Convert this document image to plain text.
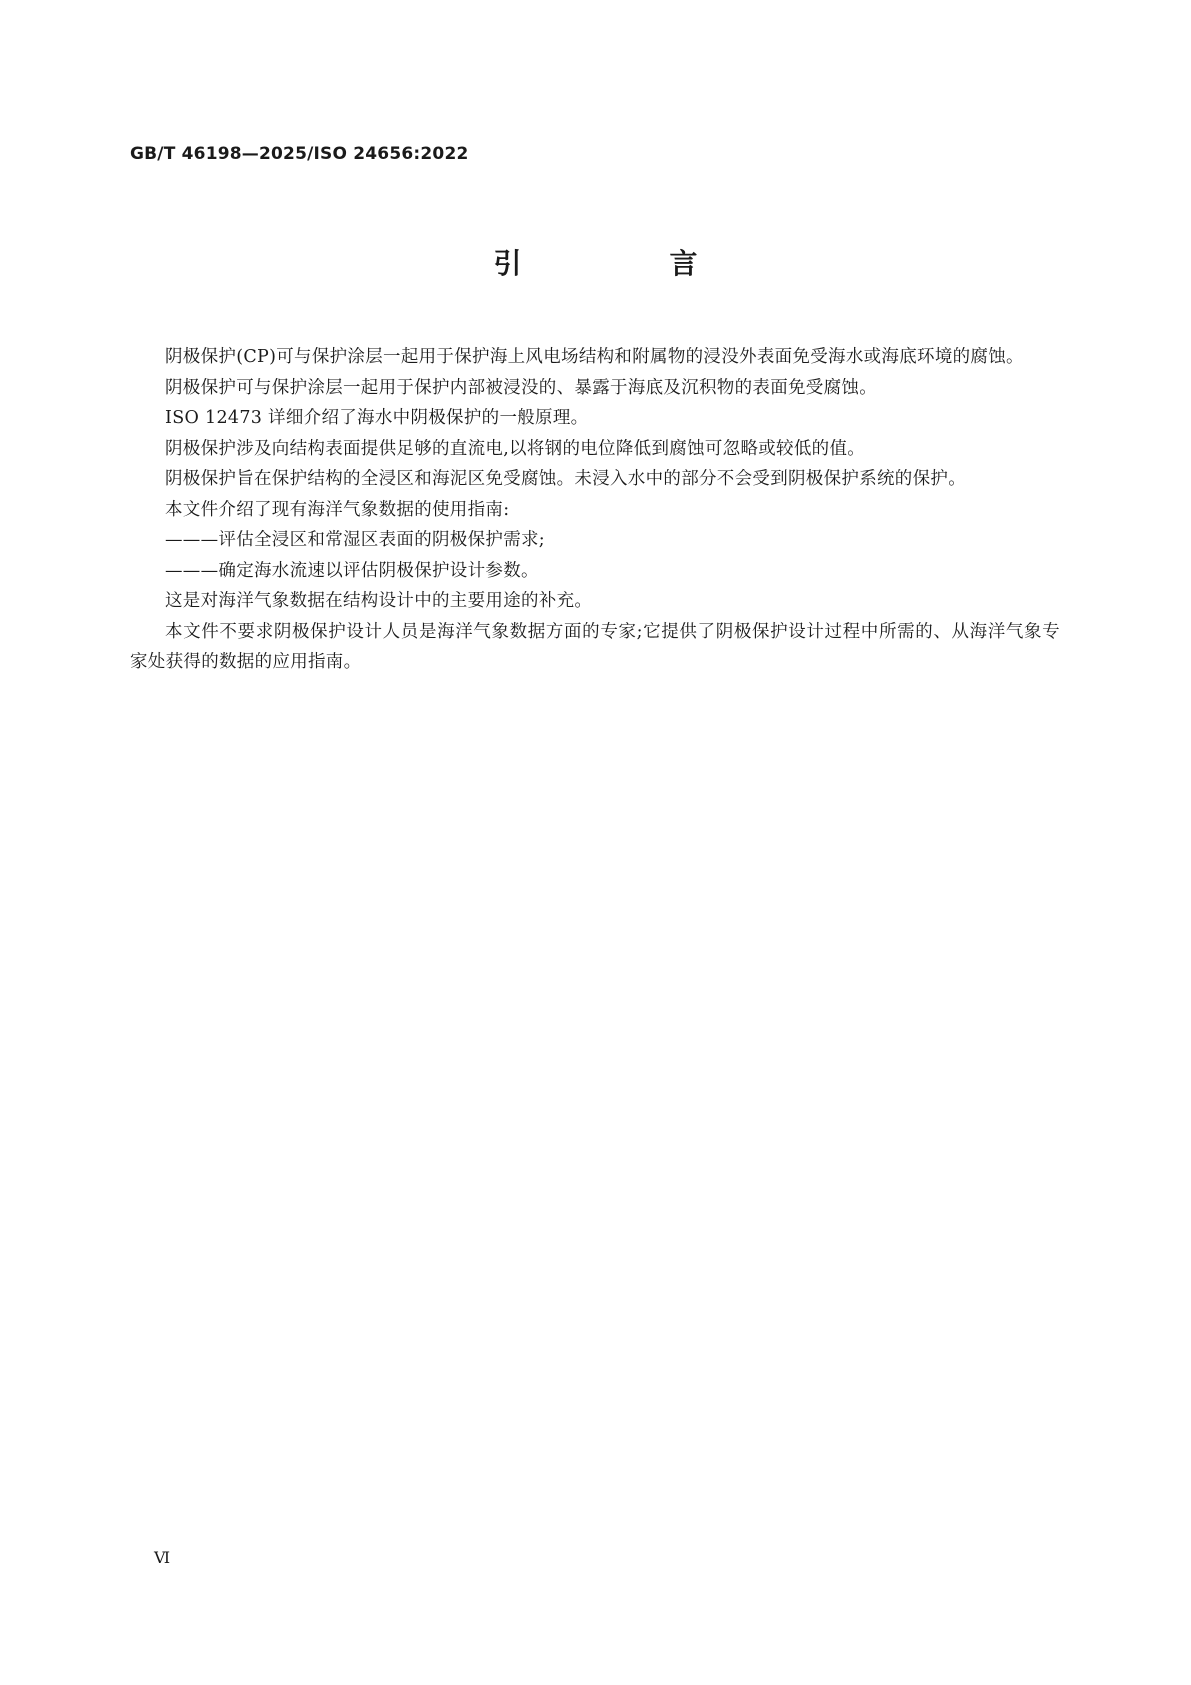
GB/T 46198—2025/ISO 24656:2022
引　言

阴极保护(CP)可与保护涂层一起用于保护海上风电场结构和附属物的浸没外表面免受海水或海底环境的腐蚀。

阴极保护可与保护涂层一起用于保护内部被浸没的、暴露于海底及沉积物的表面免受腐蚀。

ISO 12473 详细介绍了海水中阴极保护的一般原理。

阴极保护涉及向结构表面提供足够的直流电,以将钢的电位降低到腐蚀可忽略或较低的值。

阴极保护旨在保护结构的全浸区和海泥区免受腐蚀。未浸入水中的部分不会受到阴极保护系统的保护。

本文件介绍了现有海洋气象数据的使用指南:

———评估全浸区和常湿区表面的阴极保护需求;

———确定海水流速以评估阴极保护设计参数。

这是对海洋气象数据在结构设计中的主要用途的补充。

本文件不要求阴极保护设计人员是海洋气象数据方面的专家;它提供了阴极保护设计过程中所需的、从海洋气象专家处获得的数据的应用指南。

Ⅵ
